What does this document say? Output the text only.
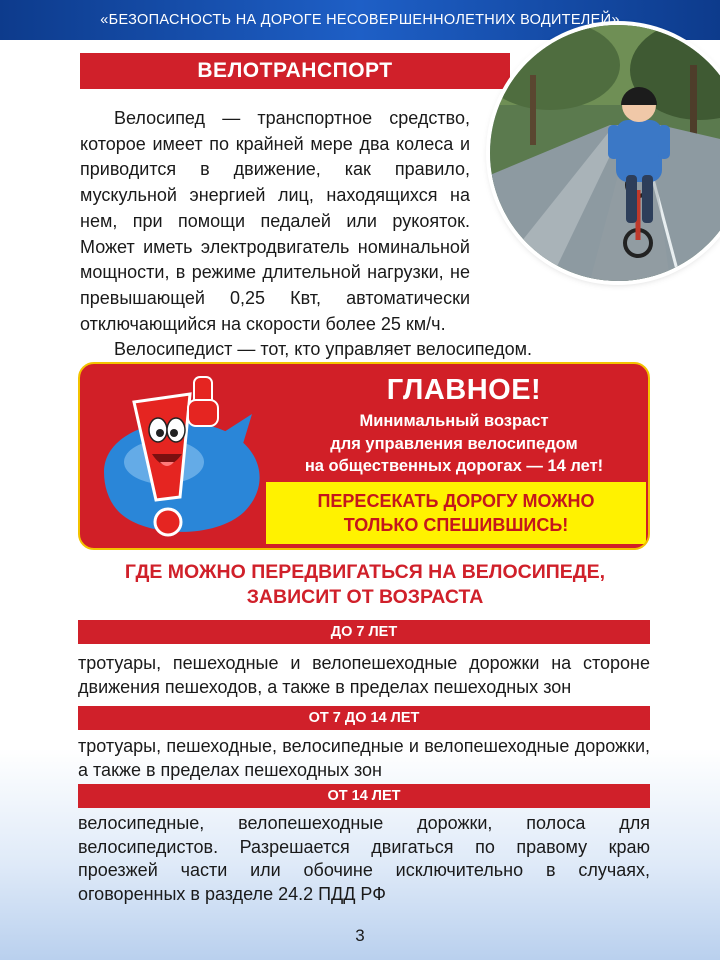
«БЕЗОПАСНОСТЬ НА ДОРОГЕ НЕСОВЕРШЕННОЛЕТНИХ ВОДИТЕЛЕЙ»
ВЕЛОТРАНСПОРТ

Велосипед — транспортное средство, которое имеет по крайней мере два колеса и приводится в движение, как правило, мускульной энергией лиц, находящихся на нем, при помощи педалей или рукояток. Может иметь электродвигатель номинальной мощности, в режиме длительной нагрузки, не превышающей 0,25 Квт, автоматически отключающийся на скорости более 25 км/ч.

Велосипедист — тот, кто управляет велосипедом.

ГЛАВНОЕ!
Минимальный возраст
для управления велосипедом
на общественных дорогах — 14 лет!
ПЕРЕСЕКАТЬ ДОРОГУ МОЖНО
ТОЛЬКО СПЕШИВШИСЬ!
ГДЕ МОЖНО ПЕРЕДВИГАТЬСЯ НА ВЕЛОСИПЕДЕ,
ЗАВИСИТ ОТ ВОЗРАСТА
ДО 7 ЛЕТ
тротуары, пешеходные и велопешеходные дорожки на стороне движения пешеходов, а также в пределах пешеходных зон
ОТ 7 ДО 14 ЛЕТ
тротуары, пешеходные, велосипедные и велопешеходные дорожки, а также в пределах пешеходных зон
ОТ 14 ЛЕТ
велосипедные, велопешеходные дорожки, полоса для велосипедистов. Разрешается двигаться по правому краю проезжей части или обочине исключительно в случаях, оговоренных в разделе 24.2 ПДД РФ
3
